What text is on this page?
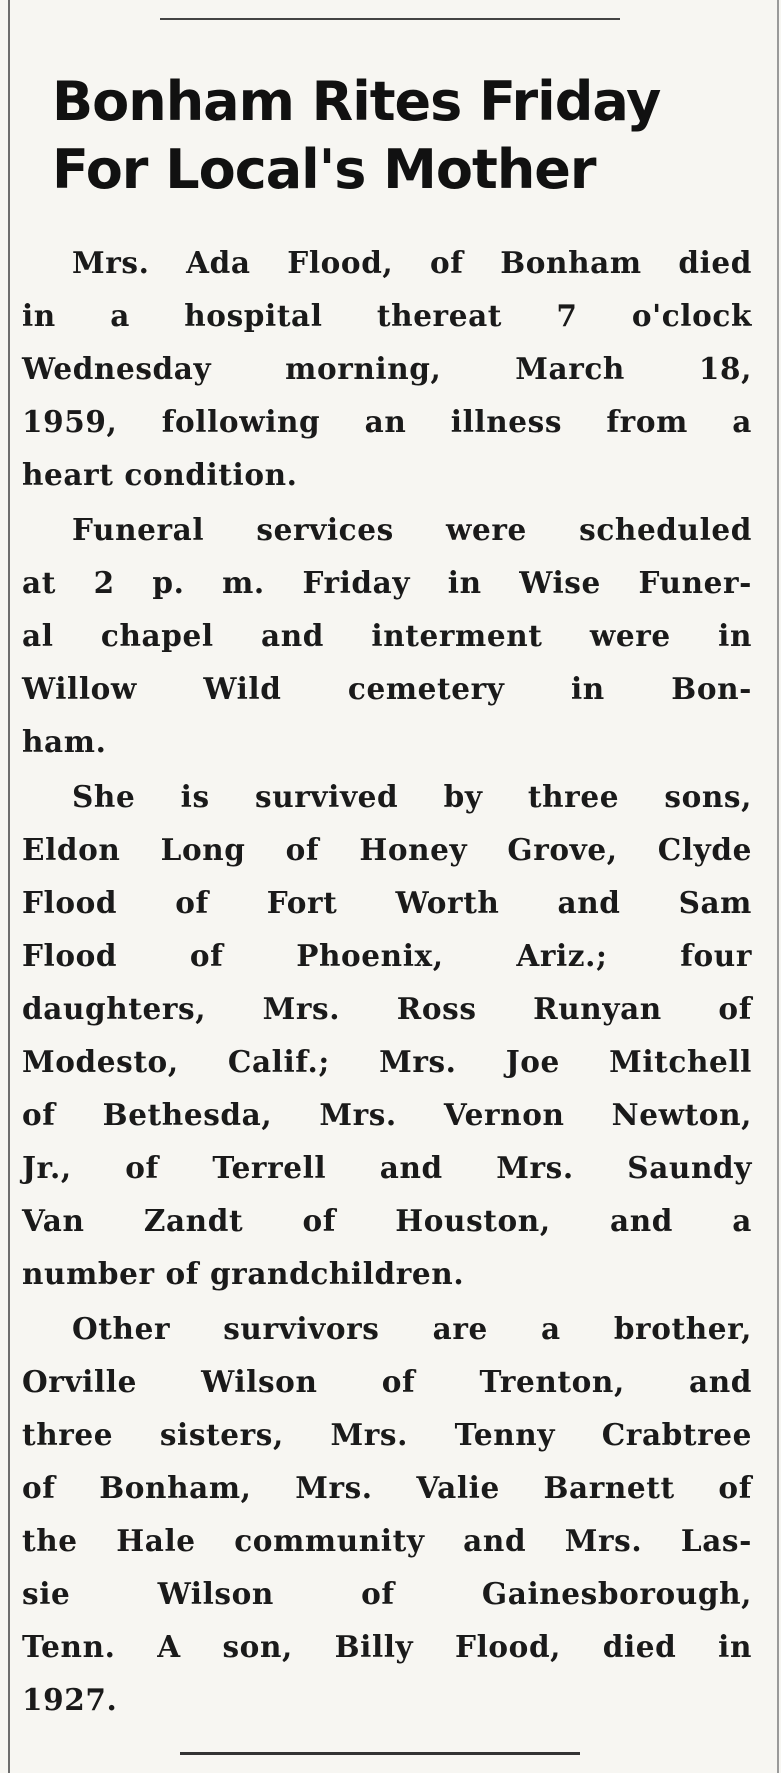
Bonham Rites Friday
For Local's Mother

Mrs. Ada Flood, of Bonham died
in a hospital thereat 7 o'clock
Wednesday morning, March 18,
1959, following an illness from a
heart condition.

Funeral services were scheduled
at 2 p. m. Friday in Wise Funer-
al chapel and interment were in
Willow Wild cemetery in Bon-
ham.

She is survived by three sons,
Eldon Long of Honey Grove, Clyde
Flood of Fort Worth and Sam
Flood of Phoenix, Ariz.; four
daughters, Mrs. Ross Runyan of
Modesto, Calif.; Mrs. Joe Mitchell
of Bethesda, Mrs. Vernon Newton,
Jr., of Terrell and Mrs. Saundy
Van Zandt of Houston, and a
number of grandchildren.

Other survivors are a brother,
Orville Wilson of Trenton, and
three sisters, Mrs. Tenny Crabtree
of Bonham, Mrs. Valie Barnett of
the Hale community and Mrs. Las-
sie Wilson of Gainesborough,
Tenn. A son, Billy Flood, died in
1927.
